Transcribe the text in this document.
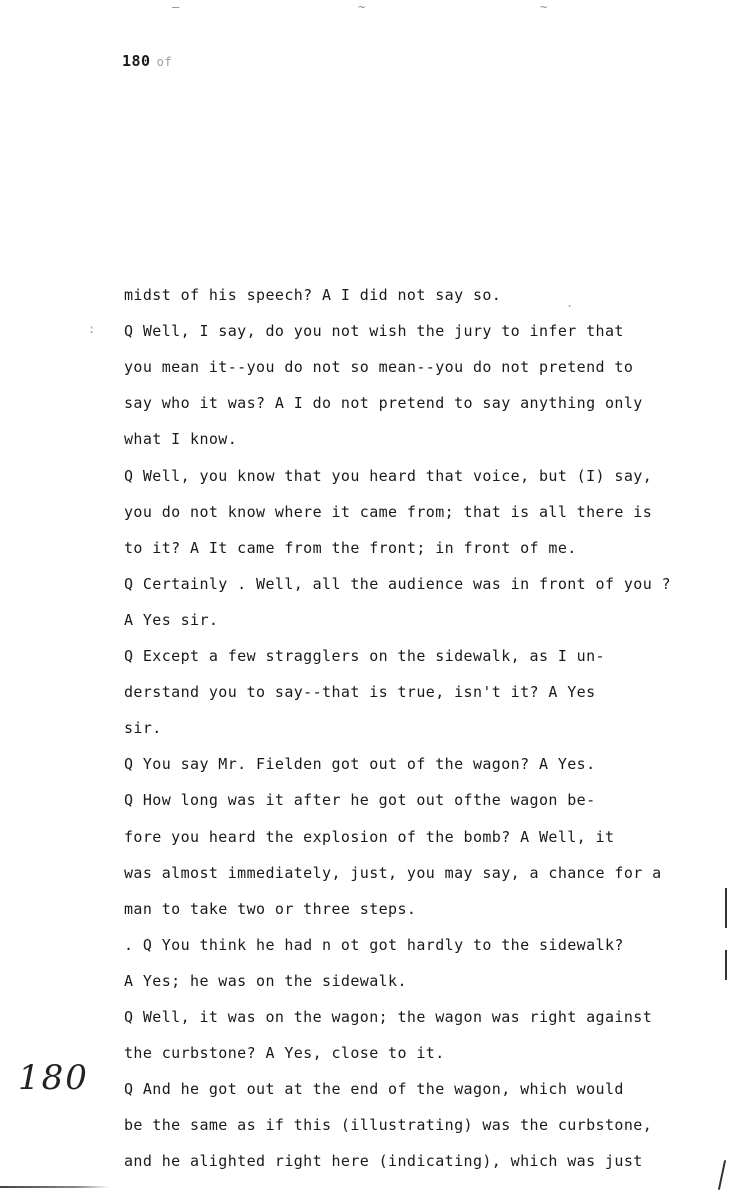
–	~	~
180 of
:
.
midst of his speech? A I did not say so.
Q Well, I say, do you not wish the jury to infer that
you mean it--you do not so mean--you do not pretend to
say who it was? A I do not pretend to say anything only
what I know.
Q Well, you know that you heard that voice, but (I) say,
you do not know where it came from; that is all there is
to it? A It came from the front; in front of me.
Q Certainly . Well, all the audience was in front of you ?
A Yes sir.
Q Except a few stragglers on the sidewalk, as I un-
derstand you to say--that is true, isn't it? A Yes
sir.
Q You say Mr. Fielden got out of the wagon? A Yes.
Q How long was it after he got out ofthe wagon be-
fore you heard the explosion of the bomb? A Well, it
was almost immediately, just, you may say, a chance for a
man to take two or three steps.
. Q You think he had n ot got hardly to the sidewalk?
A Yes; he was on the sidewalk.
Q Well, it was on the wagon; the wagon was right against
the curbstone? A Yes, close to it.
Q And he got out at the end of the wagon, which would
be the same as if this (illustrating) was the curbstone,
and he alighted right here (indicating), which was just
180
